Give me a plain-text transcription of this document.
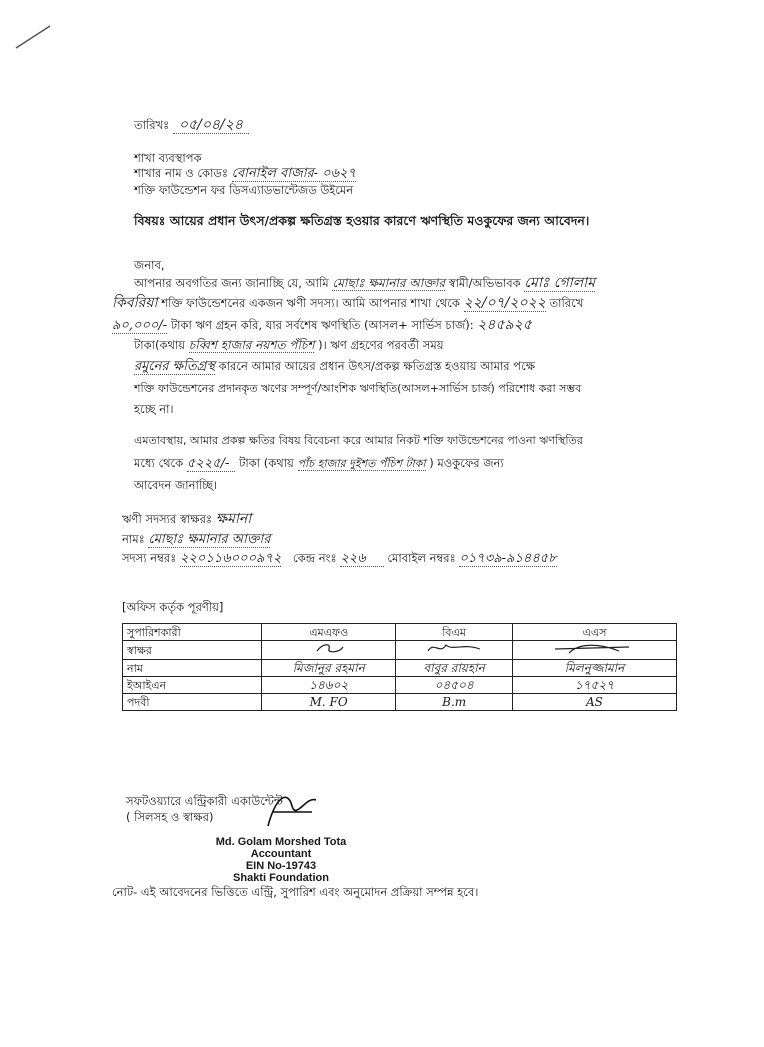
তারিখঃ ০৫/০৪/২৪
শাখা ব্যবস্থাপক
শাখার নাম ও কোডঃ বোনাইল বাজার- ০৬২৭
শক্তি ফাউন্ডেশন ফর ডিসএ্যাডভান্টেজড উইমেন
বিষয়ঃ আয়ের প্রধান উৎস/প্রকল্প ক্ষতিগ্রস্ত হওয়ার কারণে ঋণস্থিতি মওকুফের জন্য আবেদন।
জনাব,
আপনার অবগতির জন্য জানাচ্ছি যে, আমি মোছাঃ ক্ষমানার আক্তার স্বামী/অভিভাবক মোঃ গোলাম
কিবরিয়া শক্তি ফাউন্ডেশনের একজন ঋণী সদস্য। আমি আপনার শাখা থেকে ২২/০৭/২০২২ তারিখে
৯০,০০০/- টাকা ঋণ গ্রহন করি, যার সর্বশেষ ঋণস্থিতি (আসল+ সার্ভিস চার্জ): ২৪৫৯২৫
টাকা(কথায় চব্বিশ হাজার নয়শত পঁচিশ )। ঋণ গ্রহণের পরবর্তী সময়
রমুনের ক্ষতিগ্রস্থ কারনে আমার আয়ের প্রধান উৎস/প্রকল্প ক্ষতিগ্রস্ত হওয়ায় আমার পক্ষে
শক্তি ফাউন্ডেশনের প্রদানকৃত ঋণের সম্পূর্ণ/আংশিক ঋণস্থিতি(আসল+সার্ভিস চার্জ) পরিশোধ করা সম্ভব
হচ্ছে না।
এমতাবস্থায়, আমার প্রকল্প ক্ষতির বিষয় বিবেচনা করে আমার নিকট শক্তি ফাউন্ডেশনের পাওনা ঋণস্থিতির
মধ্যে থেকে ৫২২৫/- টাকা (কথায় পাঁচ হাজার দুইশত পঁচিশ টাকা ) মওকুফের জন্য
আবেদন জানাচ্ছি।
ঋণী সদস্যর স্বাক্ষরঃ ক্ষমানা
নামঃ মোছাঃ ক্ষমানার আক্তার
সদস্য নম্বরঃ ২২০১১৬০০০৯৭২ কেন্দ্র নংঃ ২২৬ মোবাইল নম্বরঃ ০১৭৩৯-৯১৪৪৫৮
[অফিস কর্তৃক পূরণীয়]
সুপারিশকারী	এমএফও	বিএম	এএস
স্বাক্ষর			
নাম	মিজানুর রহমান	বাবুর রায়হান	মিলনুজ্জামান
ইআইএন	১৪৬০২	০৪৫০৪	১৭৫২৭
পদবী	M. FO	B.m	AS
সফটওয়্যারে এন্ট্রিকারী একাউন্টেন্ট
( সিলসহ ও স্বাক্ষর)
Md. Golam Morshed Tota
Accountant
EIN No-19743
Shakti Foundation
নোট- এই আবেদনের ভিত্তিতে এন্ট্রি, সুপারিশ এবং অনুমোদন প্রক্রিয়া সম্পন্ন হবে।
